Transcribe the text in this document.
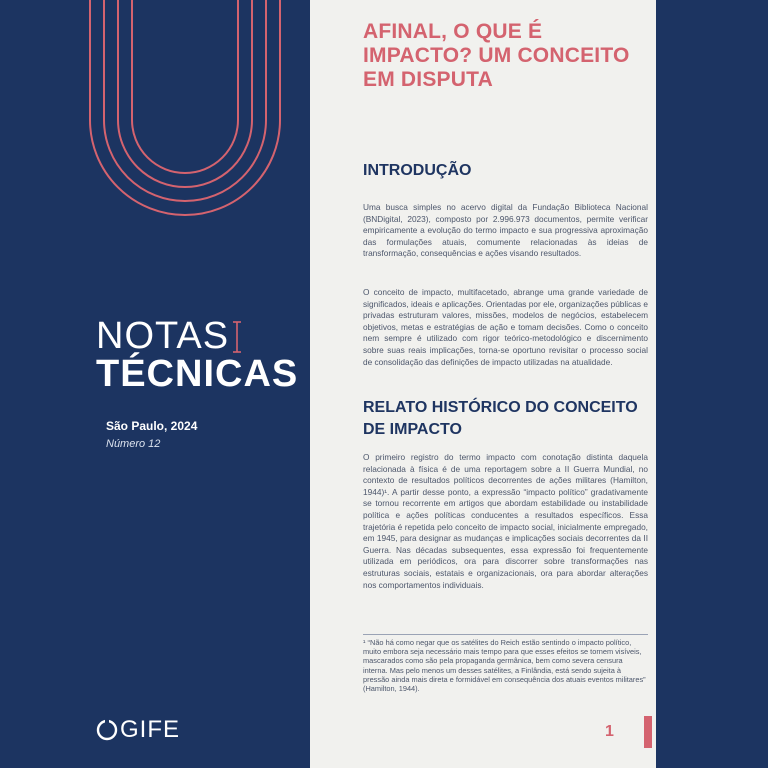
NOTAS
TÉCNICAS
São Paulo, 2024
Número 12
GIFE
AFINAL, O QUE É IMPACTO? UM CONCEITO EM DISPUTA
INTRODUÇÃO

Uma busca simples no acervo digital da Fundação Biblioteca Nacional (BNDigital, 2023), composto por 2.996.973 documentos, permite verificar empiricamente a evolução do termo impacto e sua progressiva aproximação das formulações atuais, comumente relacionadas às ideias de transformação, consequências e ações visando resultados.

O conceito de impacto, multifacetado, abrange uma grande variedade de significados, ideais e aplicações. Orientadas por ele, organizações públicas e privadas estruturam valores, missões, modelos de negócios, estabelecem objetivos, metas e estratégias de ação e tomam decisões. Como o conceito nem sempre é utilizado com rigor teórico-metodológico e discernimento sobre suas reais implicações, torna-se oportuno revisitar o processo social de consolidação das definições de impacto utilizadas na atualidade.

RELATO HISTÓRICO DO CONCEITO DE IMPACTO

O primeiro registro do termo impacto com conotação distinta daquela relacionada à física é de uma reportagem sobre a II Guerra Mundial, no contexto de resultados políticos decorrentes de ações militares (Hamilton, 1944)¹. A partir desse ponto, a expressão “impacto político” gradativamente se tornou recorrente em artigos que abordam estabilidade ou instabilidade política e ações políticas conducentes a resultados específicos. Essa trajetória é repetida pelo conceito de impacto social, inicialmente empregado, em 1945, para designar as mudanças e implicações sociais decorrentes da II Guerra. Nas décadas subsequentes, essa expressão foi frequentemente utilizada em periódicos, ora para discorrer sobre transformações nas estruturas sociais, estatais e organizacionais, ora para abordar alterações nos comportamentos individuais.

¹ “Não há como negar que os satélites do Reich estão sentindo o impacto político, muito embora seja necessário mais tempo para que esses efeitos se tornem visíveis, mascarados como são pela propaganda germânica, bem como severa censura interna. Mas pelo menos um desses satélites, a Finlândia, está sendo sujeita à pressão ainda mais direta e formidável em consequência dos atuais eventos militares” (Hamilton, 1944).
1
